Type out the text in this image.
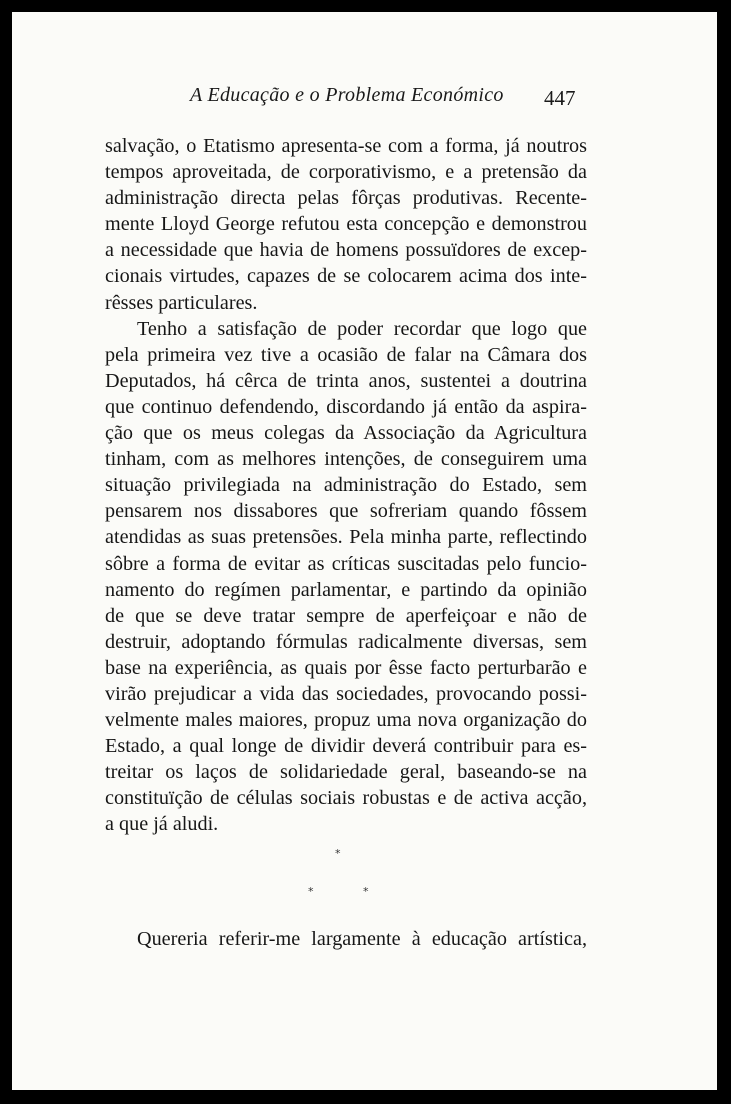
A Educação e o Problema Económico 447
salvação, o Etatismo apresenta-se com a forma, já noutros
tempos aproveitada, de corporativismo, e a pretensão da
administração directa pelas fôrças produtivas. Recente-
mente Lloyd George refutou esta concepção e demonstrou
a necessidade que havia de homens possuïdores de excep-
cionais virtudes, capazes de se colocarem acima dos inte-
rêsses particulares.
Tenho a satisfação de poder recordar que logo que
pela primeira vez tive a ocasião de falar na Câmara dos
Deputados, há cêrca de trinta anos, sustentei a doutrina
que continuo defendendo, discordando já então da aspira-
ção que os meus colegas da Associação da Agricultura
tinham, com as melhores intenções, de conseguirem uma
situação privilegiada na administração do Estado, sem
pensarem nos dissabores que sofreriam quando fôssem
atendidas as suas pretensões. Pela minha parte, reflectindo
sôbre a forma de evitar as críticas suscitadas pelo funcio-
namento do regímen parlamentar, e partindo da opinião
de que se deve tratar sempre de aperfeiçoar e não de
destruir, adoptando fórmulas radicalmente diversas, sem
base na experiência, as quais por êsse facto perturbarão e
virão prejudicar a vida das sociedades, provocando possi-
velmente males maiores, propuz uma nova organização do
Estado, a qual longe de dividir deverá contribuir para es-
treitar os laços de solidariedade geral, baseando-se na
constituïção de células sociais robustas e de activa acção,
a que já aludi.
*
*	*
Quereria referir-me largamente à educação artística,
